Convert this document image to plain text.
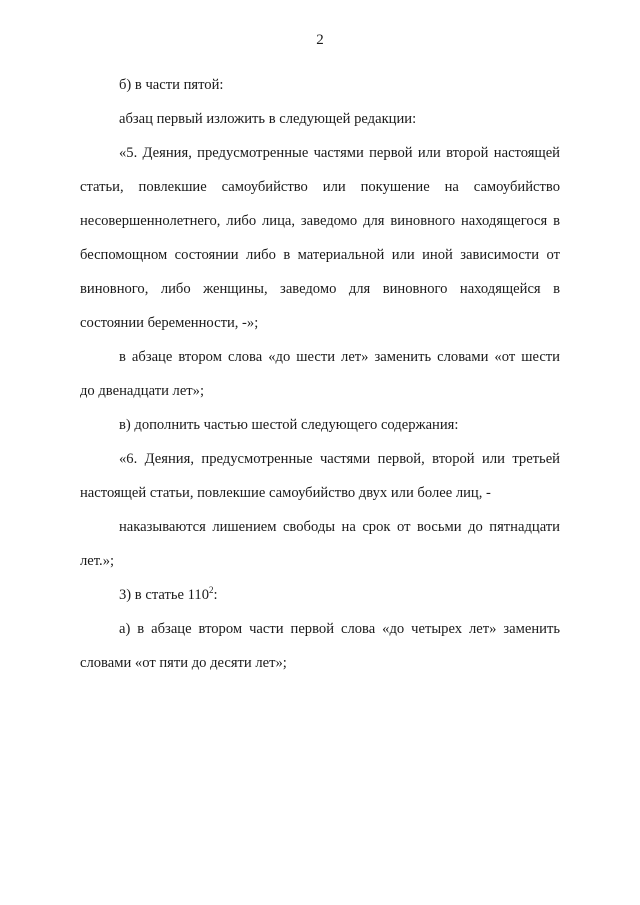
2

б) в части пятой:

абзац первый изложить в следующей редакции:

«5. Деяния, предусмотренные частями первой или второй настоящей
статьи, повлекшие самоубийство или покушение на самоубийство
несовершеннолетнего, либо лица, заведомо для виновного находящегося в
беспомощном состоянии либо в материальной или иной зависимости от
виновного, либо женщины, заведомо для виновного находящейся в
состоянии беременности, -»;
в абзаце втором слова «до шести лет» заменить словами «от шести
до двенадцати лет»;

в) дополнить частью шестой следующего содержания:

«6. Деяния, предусмотренные частями первой, второй или третьей
настоящей статьи, повлекшие самоубийство двух или более лиц, -
наказываются лишением свободы на срок от восьми до пятнадцати
лет.»;

3) в статье $110^2$:

а) в абзаце втором части первой слова «до четырех лет» заменить
словами «от пяти до десяти лет»;
